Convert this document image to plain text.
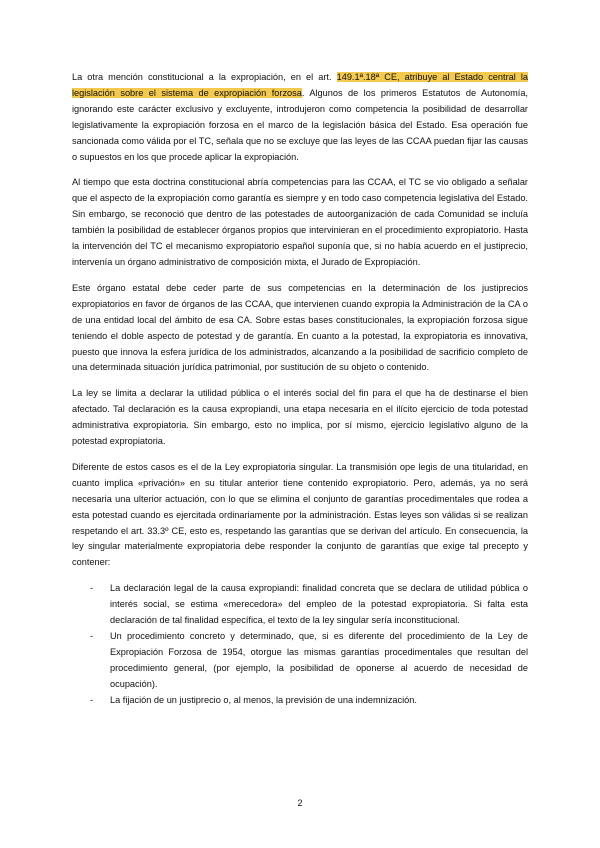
La otra mención constitucional a la expropiación, en el art. 149.1ª.18ª CE, atribuye al Estado central la legislación sobre el sistema de expropiación forzosa. Algunos de los primeros Estatutos de Autonomía, ignorando este carácter exclusivo y excluyente, introdujeron como competencia la posibilidad de desarrollar legislativamente la expropiación forzosa en el marco de la legislación básica del Estado. Esa operación fue sancionada como válida por el TC, señala que no se excluye que las leyes de las CCAA puedan fijar las causas o supuestos en los que procede aplicar la expropiación.

Al tiempo que esta doctrina constitucional abría competencias para las CCAA, el TC se vio obligado a señalar que el aspecto de la expropiación como garantía es siempre y en todo caso competencia legislativa del Estado. Sin embargo, se reconoció que dentro de las potestades de autoorganización de cada Comunidad se incluía también la posibilidad de establecer órganos propios que intervinieran en el procedimiento expropiatorio. Hasta la intervención del TC el mecanismo expropiatorio español suponía que, si no había acuerdo en el justiprecio, intervenía un órgano administrativo de composición mixta, el Jurado de Expropiación.

Este órgano estatal debe ceder parte de sus competencias en la determinación de los justiprecios expropiatorios en favor de órganos de las CCAA, que intervienen cuando expropia la Administración de la CA o de una entidad local del ámbito de esa CA. Sobre estas bases constitucionales, la expropiación forzosa sigue teniendo el doble aspecto de potestad y de garantía. En cuanto a la potestad, la expropiatoria es innovativa, puesto que innova la esfera jurídica de los administrados, alcanzando a la posibilidad de sacrificio completo de una determinada situación jurídica patrimonial, por sustitución de su objeto o contenido.

La ley se limita a declarar la utilidad pública o el interés social del fin para el que ha de destinarse el bien afectado. Tal declaración es la causa expropiandi, una etapa necesaria en el ilícito ejercicio de toda potestad administrativa expropiatoria. Sin embargo, esto no implica, por sí mismo, ejercicio legislativo alguno de la potestad expropiatoria.

Diferente de estos casos es el de la Ley expropiatoria singular. La transmisión ope legis de una titularidad, en cuanto implica «privación» en su titular anterior tiene contenido expropiatorio. Pero, además, ya no será necesaria una ulterior actuación, con lo que se elimina el conjunto de garantías procedimentales que rodea a esta potestad cuando es ejercitada ordinariamente por la administración. Estas leyes son válidas si se realizan respetando el art. 33.3º CE, esto es, respetando las garantías que se derivan del artículo. En consecuencia, la ley singular materialmente expropiatoria debe responder la conjunto de garantías que exige tal precepto y contener:

- La declaración legal de la causa expropiandi: finalidad concreta que se declara de utilidad pública o interés social, se estima «merecedora» del empleo de la potestad expropiatoria. Si falta esta declaración de tal finalidad específica, el texto de la ley singular sería inconstitucional.

- Un procedimiento concreto y determinado, que, si es diferente del procedimiento de la Ley de Expropiación Forzosa de 1954, otorgue las mismas garantías procedimentales que resultan del procedimiento general, (por ejemplo, la posibilidad de oponerse al acuerdo de necesidad de ocupación).

- La fijación de un justiprecio o, al menos, la previsión de una indemnización.

2
